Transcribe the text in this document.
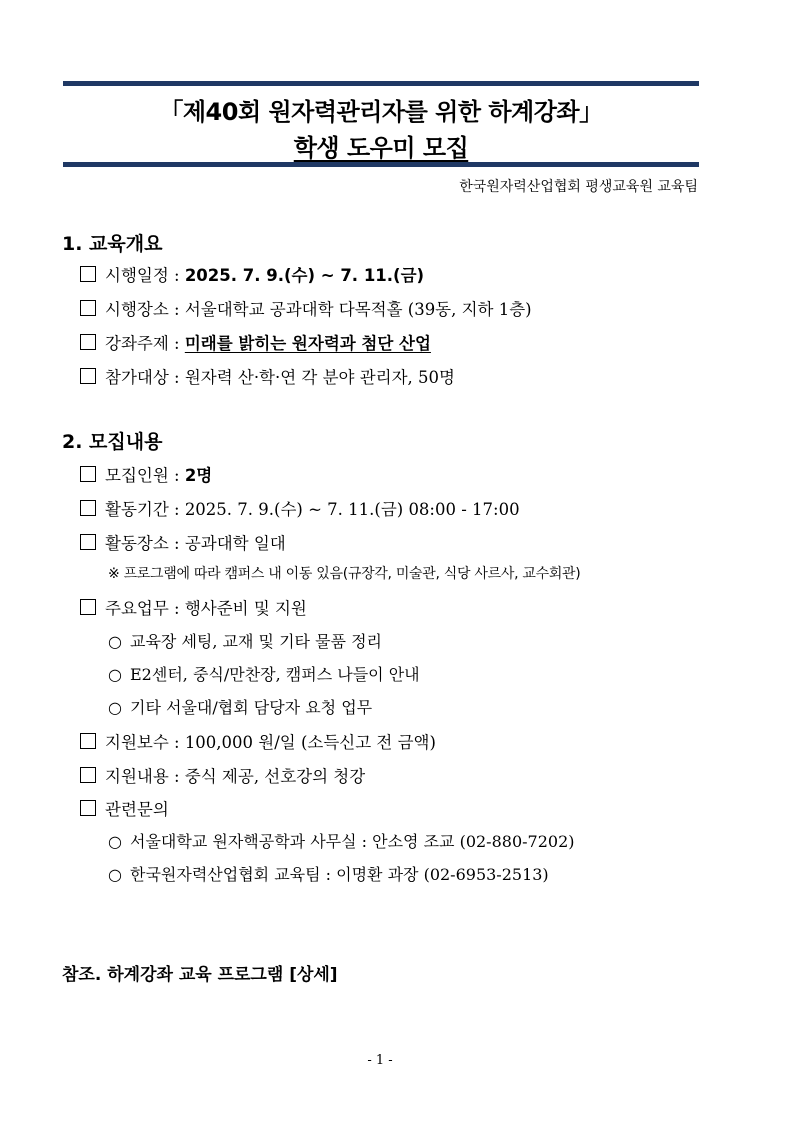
「제40회 원자력관리자를 위한 하계강좌」
학생 도우미 모집
한국원자력산업협회 평생교육원 교육팀
1. 교육개요
시행일정 : 2025. 7. 9.(수) ~ 7. 11.(금)
시행장소 : 서울대학교 공과대학 다목적홀 (39동, 지하 1층)
강좌주제 : 미래를 밝히는 원자력과 첨단 산업
참가대상 : 원자력 산·학·연 각 분야 관리자, 50명
2. 모집내용
모집인원 : 2명
활동기간 : 2025. 7. 9.(수) ~ 7. 11.(금) 08:00 - 17:00
활동장소 : 공과대학 일대
※ 프로그램에 따라 캠퍼스 내 이동 있음(규장각, 미술관, 식당 사르사, 교수회관)
주요업무 : 행사준비 및 지원
○ 교육장 세팅, 교재 및 기타 물품 정리
○ E2센터, 중식/만찬장, 캠퍼스 나들이 안내
○ 기타 서울대/협회 담당자 요청 업무
지원보수 : 100,000 원/일 (소득신고 전 금액)
지원내용 : 중식 제공, 선호강의 청강
관련문의
○ 서울대학교 원자핵공학과 사무실 : 안소영 조교 (02-880-7202)
○ 한국원자력산업협회 교육팀 : 이명환 과장 (02-6953-2513)
참조. 하계강좌 교육 프로그램 [상세]
- 1 -
